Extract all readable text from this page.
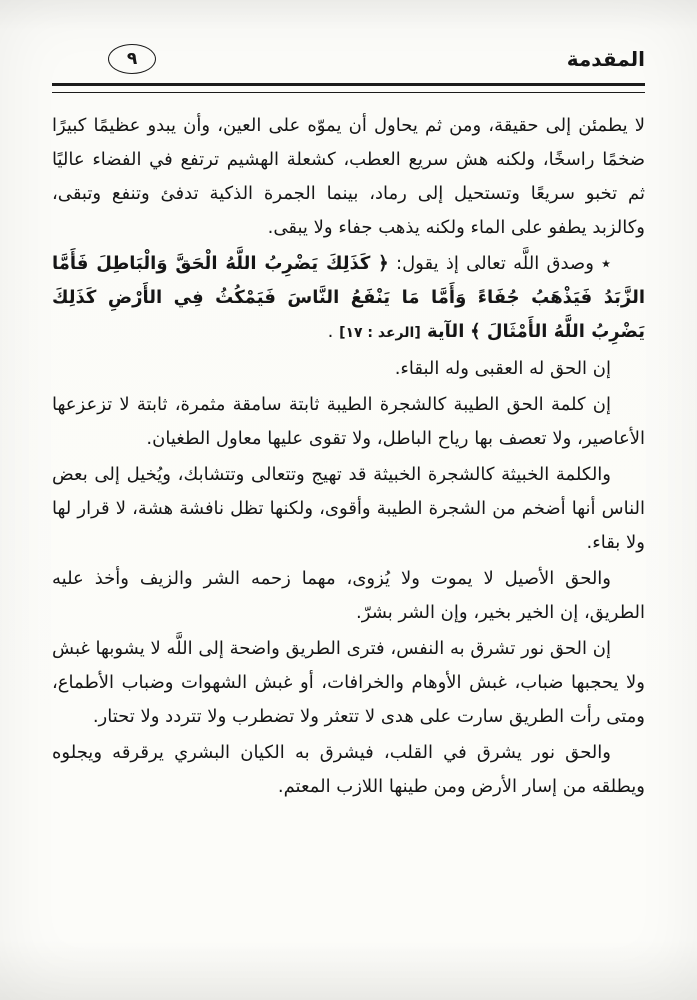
المقدمة
٩

لا يطمئن إلى حقيقة، ومن ثم يحاول أن يموّه على العين، وأن يبدو عظيمًا كبيرًا ضخمًا راسخًا، ولكنه هش سريع العطب، كشعلة الهشيم ترتفع في الفضاء عاليًا ثم تخبو سريعًا وتستحيل إلى رماد، بينما الجمرة الذكية تدفئ وتنفع وتبقى، وكالزبد يطفو على الماء ولكنه يذهب جفاء ولا يبقى.

٭ وصدق اللَّه تعالى إذ يقول: ﴿ كَذَلِكَ يَضْرِبُ اللَّهُ الْحَقَّ وَالْبَاطِلَ فَأَمَّا الزَّبَدُ فَيَذْهَبُ جُفَاءً وَأَمَّا مَا يَنْفَعُ النَّاسَ فَيَمْكُثُ فِي الأَرْضِ كَذَلِكَ يَضْرِبُ اللَّهُ الأَمْثَالَ ﴾ الآية [الرعد : ١٧] .

إن الحق له العقبى وله البقاء.

إن كلمة الحق الطيبة كالشجرة الطيبة ثابتة سامقة مثمرة، ثابتة لا تزعزعها الأعاصير، ولا تعصف بها رياح الباطل، ولا تقوى عليها معاول الطغيان.

والكلمة الخبيثة كالشجرة الخبيثة قد تهيج وتتعالى وتتشابك، ويُخيل إلى بعض الناس أنها أضخم من الشجرة الطيبة وأقوى، ولكنها تظل نافشة هشة، لا قرار لها ولا بقاء.

والحق الأصيل لا يموت ولا يُزوى، مهما زحمه الشر والزيف وأخذ عليه الطريق، إن الخير بخير، وإن الشر بشرّ.

إن الحق نور تشرق به النفس، فترى الطريق واضحة إلى اللَّه لا يشوبها غبش ولا يحجبها ضباب، غبش الأوهام والخرافات، أو غبش الشهوات وضباب الأطماع، ومتى رأت الطريق سارت على هدى لا تتعثر ولا تضطرب ولا تتردد ولا تحتار.

والحق نور يشرق في القلب، فيشرق به الكيان البشري يرقرقه ويجلوه ويطلقه من إسار الأرض ومن طينها اللازب المعتم.
